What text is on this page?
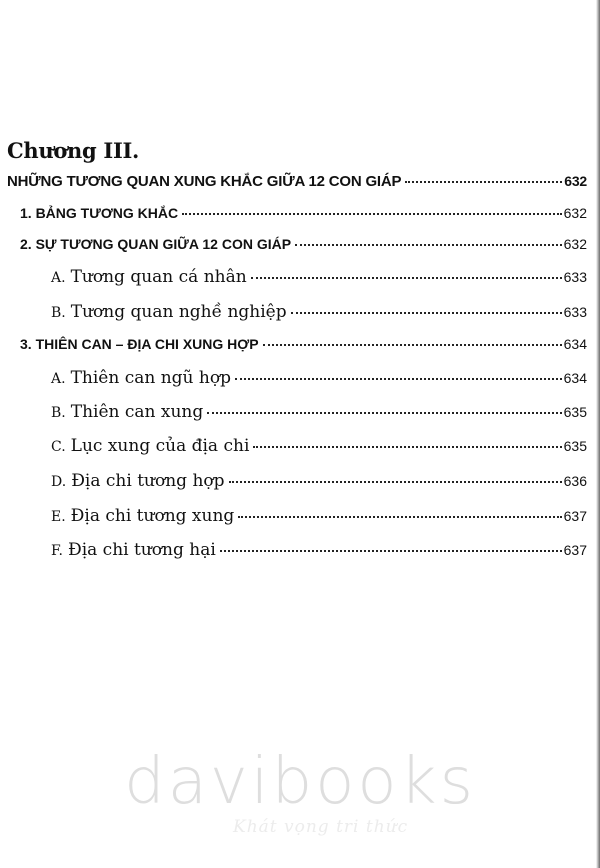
Chương III.
NHỮNG TƯƠNG QUAN XUNG KHẮC GIỮA 12 CON GIÁP	632
1. BẢNG TƯƠNG KHẮC	632
2. SỰ TƯƠNG QUAN GIỮA 12 CON GIÁP	632
A. Tương quan cá nhân	633
B. Tương quan nghề nghiệp	633
3. THIÊN CAN – ĐỊA CHI XUNG HỢP	634
A. Thiên can ngũ hợp	634
B. Thiên can xung	635
C. Lục xung của địa chi	635
D. Địa chi tương hợp	636
E. Địa chi tương xung	637
F. Địa chi tương hại	637
davibooks
Khát vọng tri thức
